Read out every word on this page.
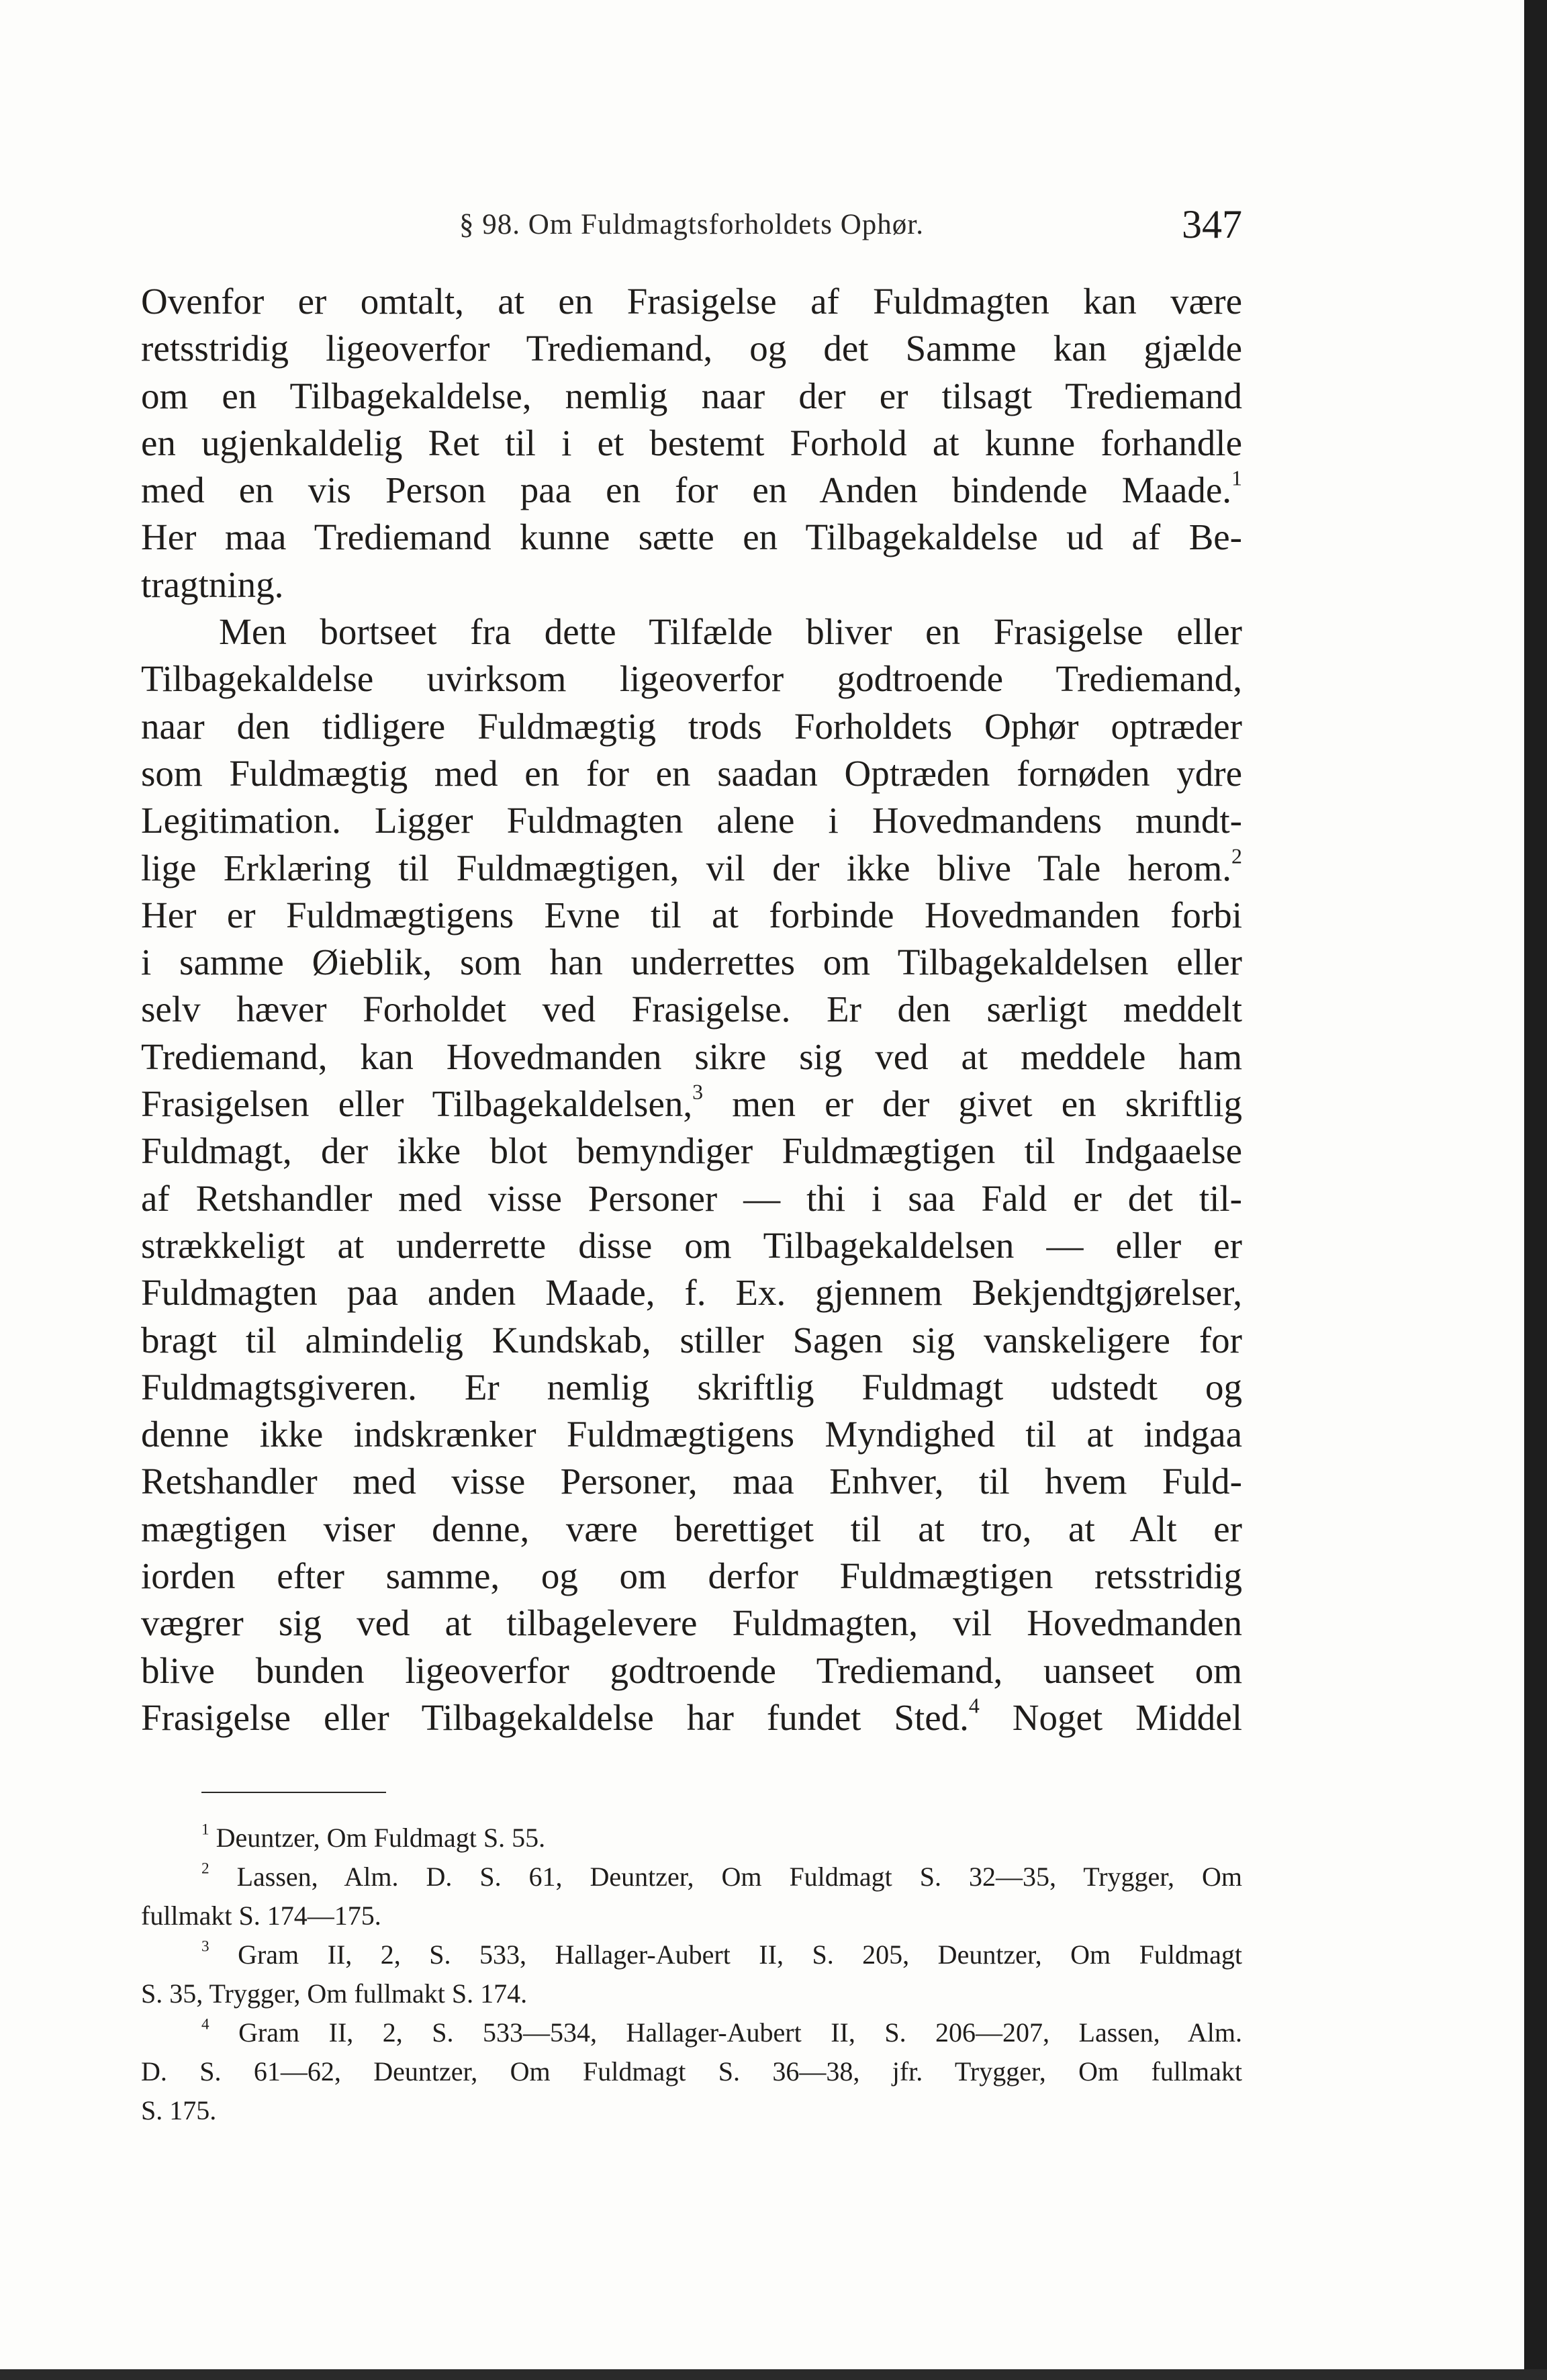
§ 98. Om Fuldmagtsforholdets Ophør.	347
Ovenfor er omtalt, at en Frasigelse af Fuldmagten kan være
retsstridig ligeoverfor Trediemand, og det Samme kan gjælde
om en Tilbagekaldelse, nemlig naar der er tilsagt Trediemand
en ugjenkaldelig Ret til i et bestemt Forhold at kunne forhandle
med en vis Person paa en for en Anden bindende Maade.$^1$
Her maa Trediemand kunne sætte en Tilbagekaldelse ud af Be-
tragtning.
Men bortseet fra dette Tilfælde bliver en Frasigelse eller
Tilbagekaldelse uvirksom ligeoverfor godtroende Trediemand,
naar den tidligere Fuldmægtig trods Forholdets Ophør optræder
som Fuldmægtig med en for en saadan Optræden fornøden ydre
Legitimation. Ligger Fuldmagten alene i Hovedmandens mundt-
lige Erklæring til Fuldmægtigen, vil der ikke blive Tale herom.$^2$
Her er Fuldmægtigens Evne til at forbinde Hovedmanden forbi
i samme Øieblik, som han underrettes om Tilbagekaldelsen eller
selv hæver Forholdet ved Frasigelse. Er den særligt meddelt
Trediemand, kan Hovedmanden sikre sig ved at meddele ham
Frasigelsen eller Tilbagekaldelsen,$^3$ men er der givet en skriftlig
Fuldmagt, der ikke blot bemyndiger Fuldmægtigen til Indgaaelse
af Retshandler med visse Personer — thi i saa Fald er det til-
strækkeligt at underrette disse om Tilbagekaldelsen — eller er
Fuldmagten paa anden Maade, f. Ex. gjennem Bekjendtgjørelser,
bragt til almindelig Kundskab, stiller Sagen sig vanskeligere for
Fuldmagtsgiveren. Er nemlig skriftlig Fuldmagt udstedt og
denne ikke indskrænker Fuldmægtigens Myndighed til at indgaa
Retshandler med visse Personer, maa Enhver, til hvem Fuld-
mægtigen viser denne, være berettiget til at tro, at Alt er
iorden efter samme, og om derfor Fuldmægtigen retsstridig
vægrer sig ved at tilbagelevere Fuldmagten, vil Hovedmanden
blive bunden ligeoverfor godtroende Trediemand, uanseet om
Frasigelse eller Tilbagekaldelse har fundet Sted.$^4$ Noget Middel
$^1$ Deuntzer, Om Fuldmagt S. 55.
$^2$ Lassen, Alm. D. S. 61, Deuntzer, Om Fuldmagt S. 32—35, Trygger, Om
fullmakt S. 174—175.
$^3$ Gram II, 2, S. 533, Hallager-Aubert II, S. 205, Deuntzer, Om Fuldmagt
S. 35, Trygger, Om fullmakt S. 174.
$^4$ Gram II, 2, S. 533—534, Hallager-Aubert II, S. 206—207, Lassen, Alm.
D. S. 61—62, Deuntzer, Om Fuldmagt S. 36—38, jfr. Trygger, Om fullmakt
S. 175.
